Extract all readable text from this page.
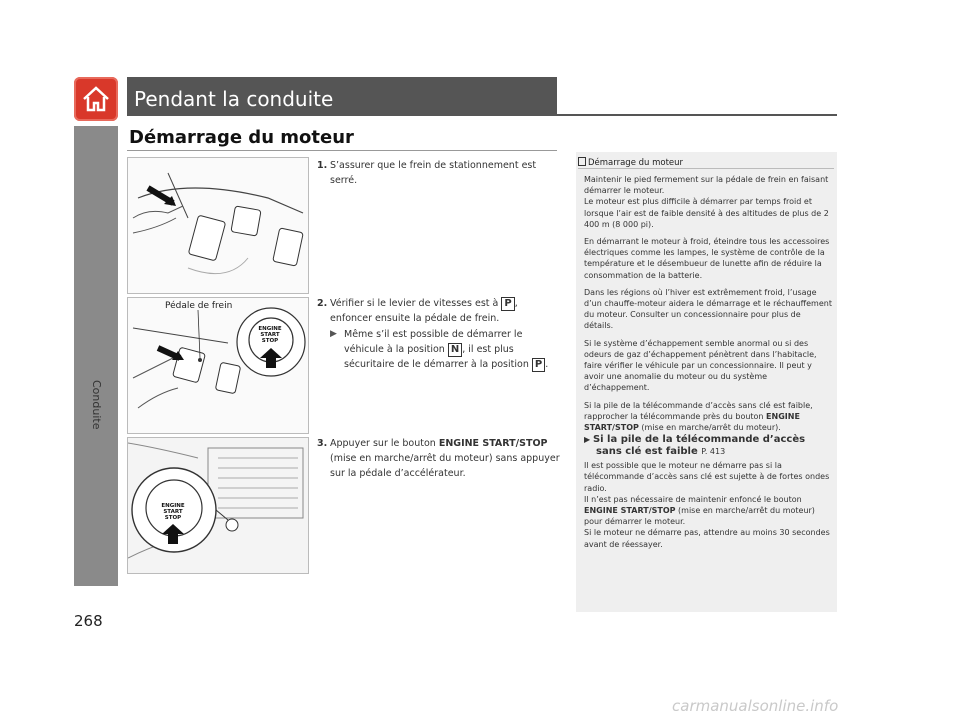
Conduite
268
Pendant la conduite
Démarrage du moteur
Pédale de frein
ENGINE
START
STOP
ENGINE
START
STOP
1. S’assurer que le frein de stationnement est serré.
2. Vérifier si le levier de vitesses est à P , enfoncer ensuite la pédale de frein.
▶ Même s’il est possible de démarrer le véhicule à la position N , il est plus sécuritaire de le démarrer à la position P .
3. Appuyer sur le bouton ENGINE START/STOP (mise en marche/arrêt du moteur) sans appuyer sur la pédale d’accélérateur.
Démarrage du moteur

Maintenir le pied fermement sur la pédale de frein en faisant démarrer le moteur.

Le moteur est plus difficile à démarrer par temps froid et lorsque l’air est de faible densité à des altitudes de plus de 2 400 m (8 000 pi).

En démarrant le moteur à froid, éteindre tous les accessoires électriques comme les lampes, le système de contrôle de la température et le désembueur de lunette afin de réduire la consommation de la batterie.

Dans les régions où l’hiver est extrêmement froid, l’usage d’un chauffe-moteur aidera le démarrage et le réchauffement du moteur. Consulter un concessionnaire pour plus de détails.

Si le système d’échappement semble anormal ou si des odeurs de gaz d’échappement pénètrent dans l’habitacle, faire vérifier le véhicule par un concessionnaire. Il peut y avoir une anomalie du moteur ou du système d’échappement.

Si la pile de la télécommande d’accès sans clé est faible, rapprocher la télécommande près du bouton ENGINE START/STOP (mise en marche/arrêt du moteur).

▶ Si la pile de la télécommande d’accès sans clé est faible P. 413

Il est possible que le moteur ne démarre pas si la télécommande d’accès sans clé est sujette à de fortes ondes radio.

Il n’est pas nécessaire de maintenir enfoncé le bouton ENGINE START/STOP (mise en marche/arrêt du moteur) pour démarrer le moteur.

Si le moteur ne démarre pas, attendre au moins 30 secondes avant de réessayer.

carmanualsonline.info
